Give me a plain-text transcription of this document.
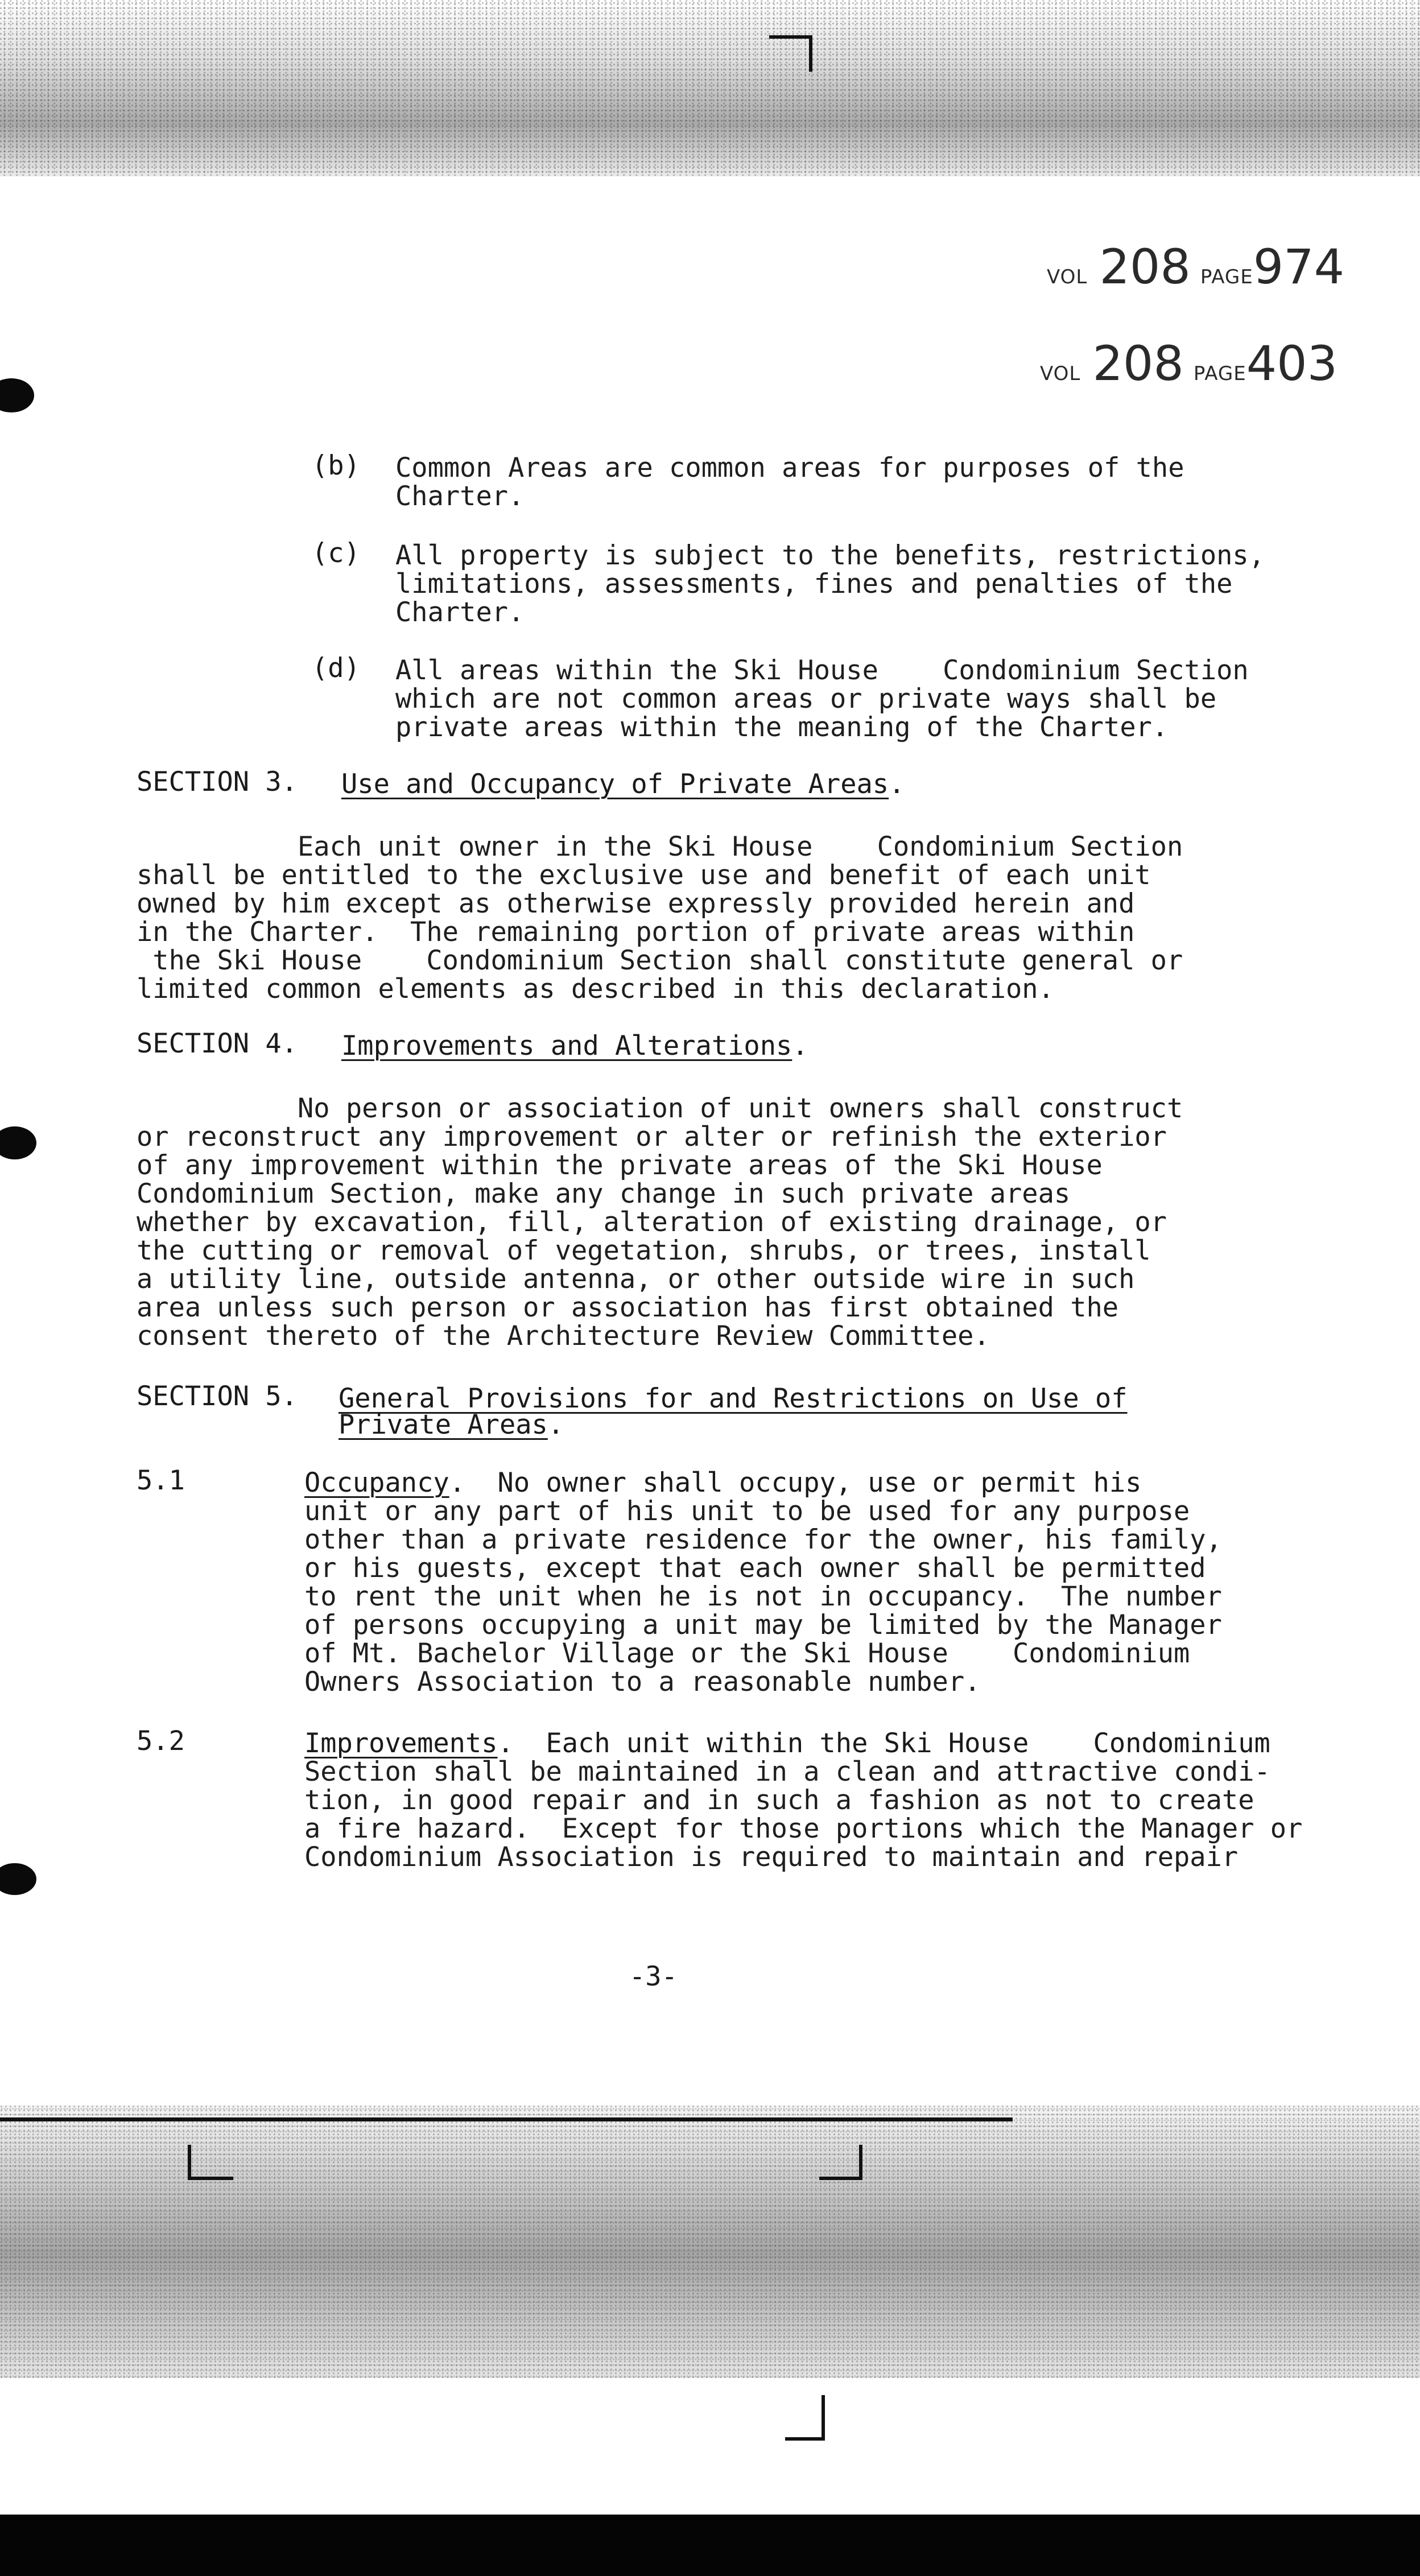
VOL 208 PAGE974
VOL 208 PAGE403
(b) Common Areas are common areas for purposes of the
Charter.
(c) All property is subject to the benefits, restrictions,
limitations, assessments, fines and penalties of the
Charter.
(d) All areas within the Ski House    Condominium Section
which are not common areas or private ways shall be
private areas within the meaning of the Charter.
SECTION 3. Use and Occupancy of Private Areas.
Each unit owner in the Ski House    Condominium Section
shall be entitled to the exclusive use and benefit of each unit
owned by him except as otherwise expressly provided herein and
in the Charter.  The remaining portion of private areas within
the Ski House    Condominium Section shall constitute general or
limited common elements as described in this declaration.
SECTION 4. Improvements and Alterations.
No person or association of unit owners shall construct
or reconstruct any improvement or alter or refinish the exterior
of any improvement within the private areas of the Ski House
Condominium Section, make any change in such private areas
whether by excavation, fill, alteration of existing drainage, or
the cutting or removal of vegetation, shrubs, or trees, install
a utility line, outside antenna, or other outside wire in such
area unless such person or association has first obtained the
consent thereto of the Architecture Review Committee.
SECTION 5. General Provisions for and Restrictions on Use of
Private Areas.
5.1	Occupancy.  No owner shall occupy, use or permit his
unit or any part of his unit to be used for any purpose
other than a private residence for the owner, his family,
or his guests, except that each owner shall be permitted
to rent the unit when he is not in occupancy.  The number
of persons occupying a unit may be limited by the Manager
of Mt. Bachelor Village or the Ski House    Condominium
Owners Association to a reasonable number.
5.2	Improvements.  Each unit within the Ski House    Condominium
Section shall be maintained in a clean and attractive condi-
tion, in good repair and in such a fashion as not to create
a fire hazard.  Except for those portions which the Manager or
Condominium Association is required to maintain and repair
-3-
